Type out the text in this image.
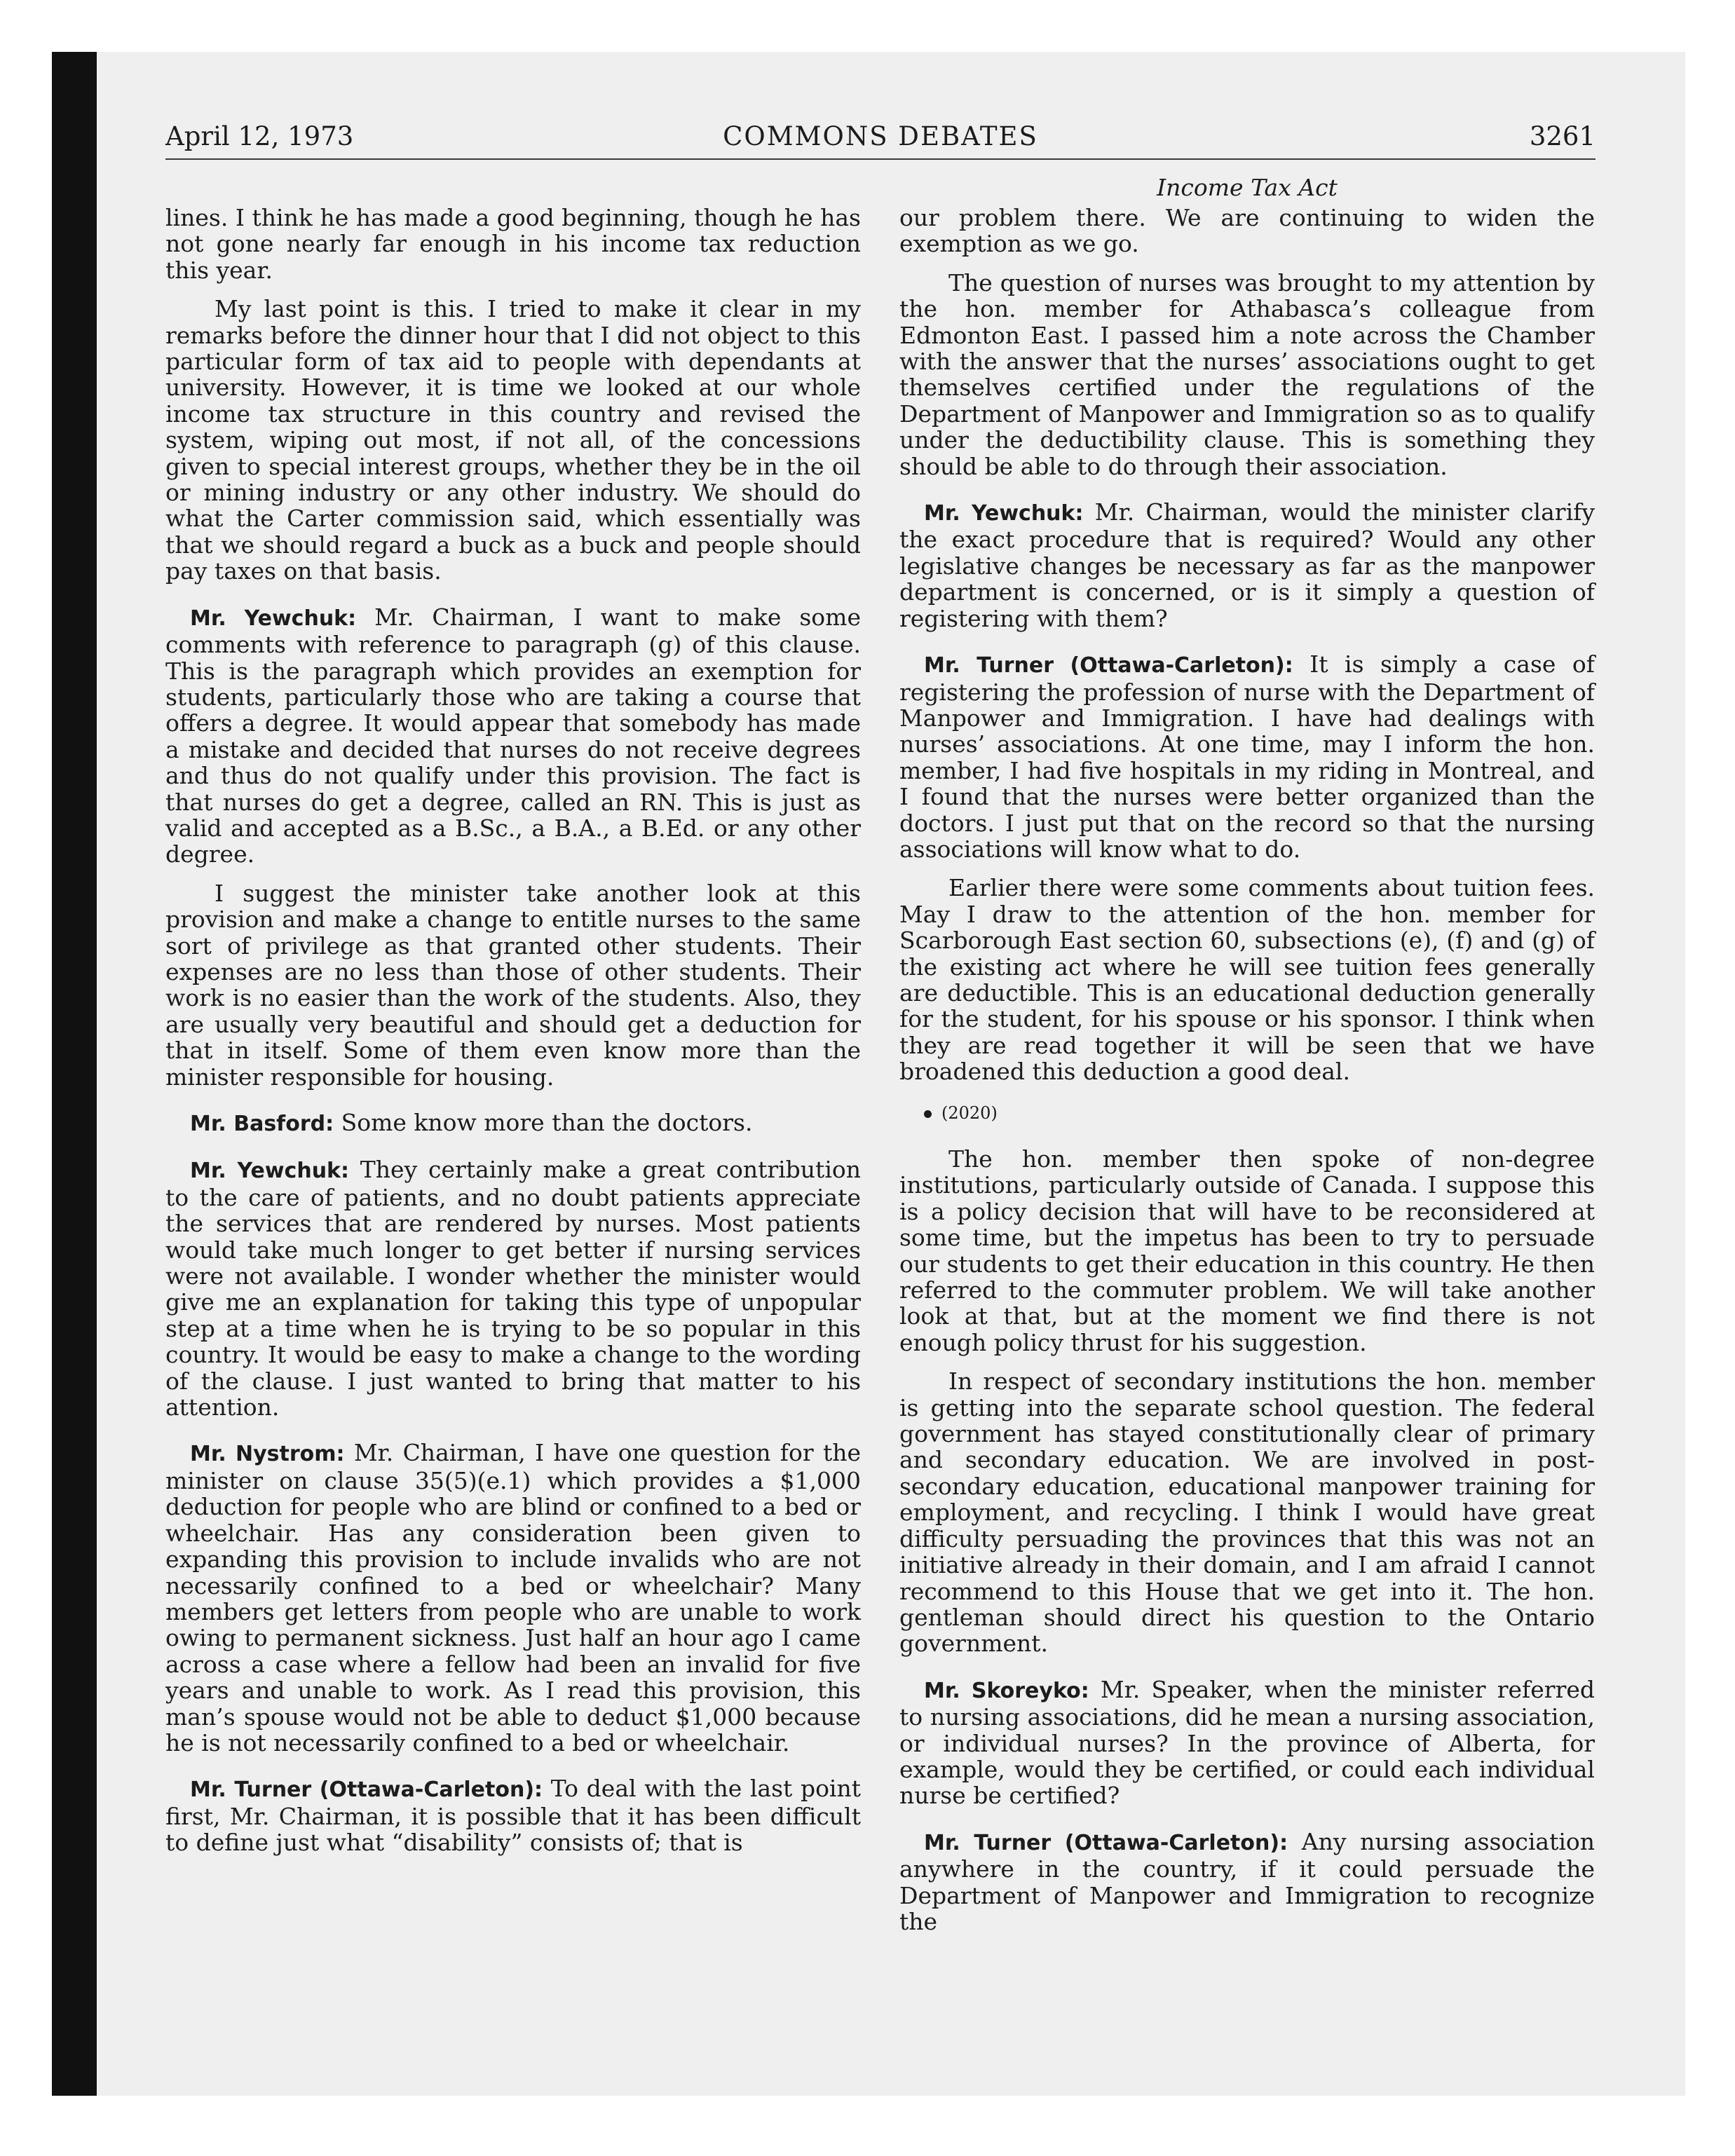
April 12, 1973	COMMONS DEBATES	3261
Income Tax Act

lines. I think he has made a good beginning, though he has not gone nearly far enough in his income tax reduction this year.

My last point is this. I tried to make it clear in my remarks before the dinner hour that I did not object to this particular form of tax aid to people with dependants at university. However, it is time we looked at our whole income tax structure in this country and revised the system, wiping out most, if not all, of the concessions given to special interest groups, whether they be in the oil or mining industry or any other industry. We should do what the Carter commission said, which essentially was that we should regard a buck as a buck and people should pay taxes on that basis.

Mr. Yewchuk: Mr. Chairman, I want to make some comments with reference to paragraph (g) of this clause. This is the paragraph which provides an exemption for students, particularly those who are taking a course that offers a degree. It would appear that somebody has made a mistake and decided that nurses do not receive degrees and thus do not qualify under this provision. The fact is that nurses do get a degree, called an RN. This is just as valid and accepted as a B.Sc., a B.A., a B.Ed. or any other degree.

I suggest the minister take another look at this provision and make a change to entitle nurses to the same sort of privilege as that granted other students. Their expenses are no less than those of other students. Their work is no easier than the work of the students. Also, they are usually very beautiful and should get a deduction for that in itself. Some of them even know more than the minister responsible for housing.

Mr. Basford: Some know more than the doctors.

Mr. Yewchuk: They certainly make a great contribution to the care of patients, and no doubt patients appreciate the services that are rendered by nurses. Most patients would take much longer to get better if nursing services were not available. I wonder whether the minister would give me an explanation for taking this type of unpopular step at a time when he is trying to be so popular in this country. It would be easy to make a change to the wording of the clause. I just wanted to bring that matter to his attention.

Mr. Nystrom: Mr. Chairman, I have one question for the minister on clause 35(5)(e.1) which provides a $1,000 deduction for people who are blind or confined to a bed or wheelchair. Has any consideration been given to expanding this provision to include invalids who are not necessarily confined to a bed or wheelchair? Many members get letters from people who are unable to work owing to permanent sickness. Just half an hour ago I came across a case where a fellow had been an invalid for five years and unable to work. As I read this provision, this man’s spouse would not be able to deduct $1,000 because he is not necessarily confined to a bed or wheelchair.

Mr. Turner (Ottawa-Carleton): To deal with the last point first, Mr. Chairman, it is possible that it has been difficult to define just what “disability” consists of; that is

our problem there. We are continuing to widen the exemption as we go.

The question of nurses was brought to my attention by the hon. member for Athabasca’s colleague from Edmonton East. I passed him a note across the Chamber with the answer that the nurses’ associations ought to get themselves certified under the regulations of the Department of Manpower and Immigration so as to qualify under the deductibility clause. This is something they should be able to do through their association.

Mr. Yewchuk: Mr. Chairman, would the minister clarify the exact procedure that is required? Would any other legislative changes be necessary as far as the manpower department is concerned, or is it simply a question of registering with them?

Mr. Turner (Ottawa-Carleton): It is simply a case of registering the profession of nurse with the Department of Manpower and Immigration. I have had dealings with nurses’ associations. At one time, may I inform the hon. member, I had five hospitals in my riding in Montreal, and I found that the nurses were better organized than the doctors. I just put that on the record so that the nursing associations will know what to do.

Earlier there were some comments about tuition fees. May I draw to the attention of the hon. member for Scarborough East section 60, subsections (e), (f) and (g) of the existing act where he will see tuition fees generally are deductible. This is an educational deduction generally for the student, for his spouse or his sponsor. I think when they are read together it will be seen that we have broadened this deduction a good deal.

(2020)

The hon. member then spoke of non-degree institutions, particularly outside of Canada. I suppose this is a policy decision that will have to be reconsidered at some time, but the impetus has been to try to persuade our students to get their education in this country. He then referred to the commuter problem. We will take another look at that, but at the moment we find there is not enough policy thrust for his suggestion.

In respect of secondary institutions the hon. member is getting into the separate school question. The federal government has stayed constitutionally clear of primary and secondary education. We are involved in post-secondary education, educational manpower training for employment, and recycling. I think I would have great difficulty persuading the provinces that this was not an initiative already in their domain, and I am afraid I cannot recommend to this House that we get into it. The hon. gentleman should direct his question to the Ontario government.

Mr. Skoreyko: Mr. Speaker, when the minister referred to nursing associations, did he mean a nursing association, or individual nurses? In the province of Alberta, for example, would they be certified, or could each individual nurse be certified?

Mr. Turner (Ottawa-Carleton): Any nursing association anywhere in the country, if it could persuade the Department of Manpower and Immigration to recognize the
